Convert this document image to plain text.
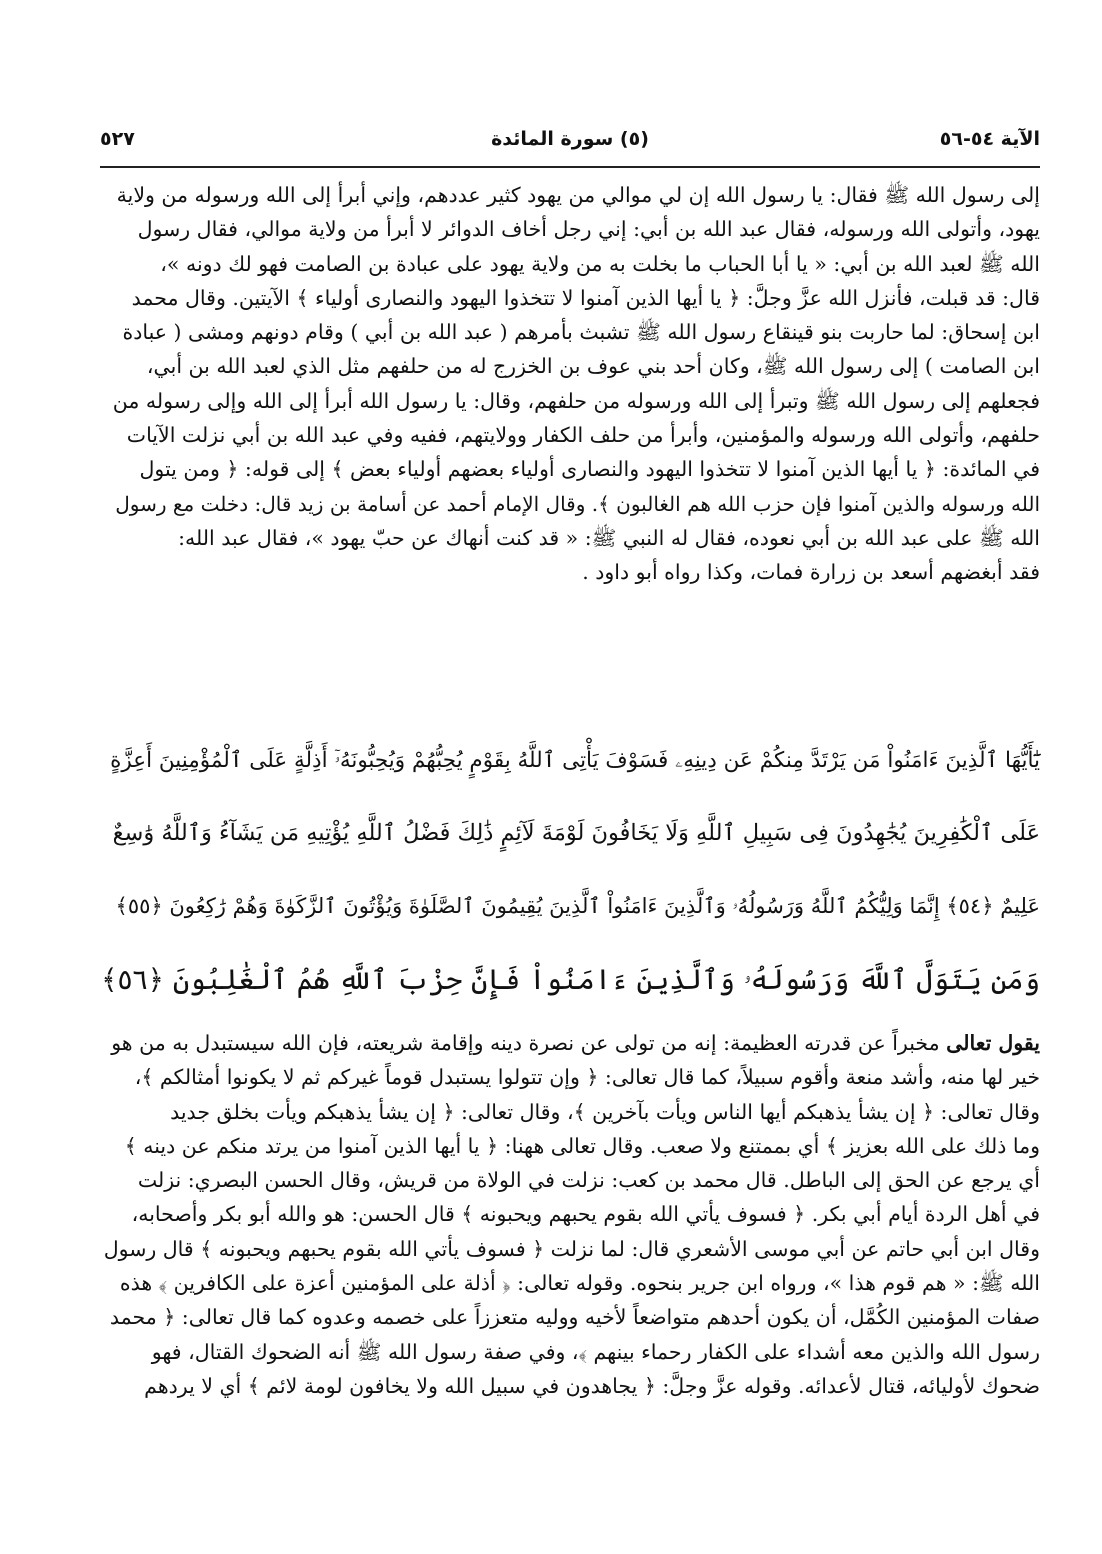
الآية ٥٤-٥٦
(٥) سورة المائدة
٥٢٧

إلى رسول الله ﷺ فقال: يا رسول الله إن لي موالي من يهود كثير عددهم، وإني أبرأ إلى الله ورسوله من ولاية

يهود، وأتولى الله ورسوله، فقال عبد الله بن أبي: إني رجل أخاف الدوائر لا أبرأ من ولاية موالي، فقال رسول

الله ﷺ لعبد الله بن أبي: « يا أبا الحباب ما بخلت به من ولاية يهود على عبادة بن الصامت فهو لك دونه »،

قال: قد قبلت، فأنزل الله عزَّ وجلَّ: ﴿ يا أيها الذين آمنوا لا تتخذوا اليهود والنصارى أولياء ﴾ الآيتين. وقال محمد

ابن إسحاق: لما حاربت بنو قينقاع رسول الله ﷺ تشبث بأمرهم ( عبد الله بن أبي ) وقام دونهم ومشى ( عبادة

ابن الصامت ) إلى رسول الله ﷺ، وكان أحد بني عوف بن الخزرج له من حلفهم مثل الذي لعبد الله بن أبي،

فجعلهم إلى رسول الله ﷺ وتبرأ إلى الله ورسوله من حلفهم، وقال: يا رسول الله أبرأ إلى الله وإلى رسوله من

حلفهم، وأتولى الله ورسوله والمؤمنين، وأبرأ من حلف الكفار وولايتهم، ففيه وفي عبد الله بن أبي نزلت الآيات

في المائدة: ﴿ يا أيها الذين آمنوا لا تتخذوا اليهود والنصارى أولياء بعضهم أولياء بعض ﴾ إلى قوله: ﴿ ومن يتول

الله ورسوله والذين آمنوا فإن حزب الله هم الغالبون ﴾. وقال الإمام أحمد عن أسامة بن زيد قال: دخلت مع رسول

الله ﷺ على عبد الله بن أبي نعوده، فقال له النبي ﷺ: « قد كنت أنهاك عن حبّ يهود »، فقال عبد الله:

فقد أبغضهم أسعد بن زرارة فمات، وكذا رواه أبو داود .

يَٰٓأَيُّهَا ٱلَّذِينَ ءَامَنُواْ مَن يَرْتَدَّ مِنكُمْ عَن دِينِهِۦ فَسَوْفَ يَأْتِى ٱللَّهُ بِقَوْمٍ يُحِبُّهُمْ وَيُحِبُّونَهُۥٓ أَذِلَّةٍ عَلَى ٱلْمُؤْمِنِينَ أَعِزَّةٍ

عَلَى ٱلْكَٰفِرِينَ يُجَٰهِدُونَ فِى سَبِيلِ ٱللَّهِ وَلَا يَخَافُونَ لَوْمَةَ لَآئِمٍ ذَٰلِكَ فَضْلُ ٱللَّهِ يُؤْتِيهِ مَن يَشَآءُ وَٱللَّهُ وَٰسِعٌ

عَلِيمٌ ﴿٥٤﴾ إِنَّمَا وَلِيُّكُمُ ٱللَّهُ وَرَسُولُهُۥ وَٱلَّذِينَ ءَامَنُواْ ٱلَّذِينَ يُقِيمُونَ ٱلصَّلَوٰةَ وَيُؤْتُونَ ٱلزَّكَوٰةَ وَهُمْ رَٰكِعُونَ ﴿٥٥﴾

وَمَن يَتَوَلَّ ٱللَّهَ وَرَسُولَهُۥ وَٱلَّذِينَ ءَامَنُواْ فَإِنَّ حِزْبَ ٱللَّهِ هُمُ ٱلْغَٰلِبُونَ ﴿٥٦﴾

يقول تعالى مخبراً عن قدرته العظيمة: إنه من تولى عن نصرة دينه وإقامة شريعته، فإن الله سيستبدل به من هو

خير لها منه، وأشد منعة وأقوم سبيلاً، كما قال تعالى: ﴿ وإن تتولوا يستبدل قوماً غيركم ثم لا يكونوا أمثالكم ﴾،

وقال تعالى: ﴿ إن يشأ يذهبكم أيها الناس ويأت بآخرين ﴾، وقال تعالى: ﴿ إن يشأ يذهبكم ويأت بخلق جديد

وما ذلك على الله بعزيز ﴾ أي بممتنع ولا صعب. وقال تعالى ههنا: ﴿ يا أيها الذين آمنوا من يرتد منكم عن دينه ﴾

أي يرجع عن الحق إلى الباطل. قال محمد بن كعب: نزلت في الولاة من قريش، وقال الحسن البصري: نزلت

في أهل الردة أيام أبي بكر. ﴿ فسوف يأتي الله بقوم يحبهم ويحبونه ﴾ قال الحسن: هو والله أبو بكر وأصحابه،

وقال ابن أبي حاتم عن أبي موسى الأشعري قال: لما نزلت ﴿ فسوف يأتي الله بقوم يحبهم ويحبونه ﴾ قال رسول

الله ﷺ: « هم قوم هذا »، ورواه ابن جرير بنحوه. وقوله تعالى: ﴿ أذلة على المؤمنين أعزة على الكافرين ﴾ هذه

صفات المؤمنين الكُمَّل، أن يكون أحدهم متواضعاً لأخيه ووليه متعززاً على خصمه وعدوه كما قال تعالى: ﴿ محمد

رسول الله والذين معه أشداء على الكفار رحماء بينهم ﴾، وفي صفة رسول الله ﷺ أنه الضحوك القتال، فهو

ضحوك لأوليائه، قتال لأعدائه. وقوله عزَّ وجلَّ: ﴿ يجاهدون في سبيل الله ولا يخافون لومة لائم ﴾ أي لا يردهم
